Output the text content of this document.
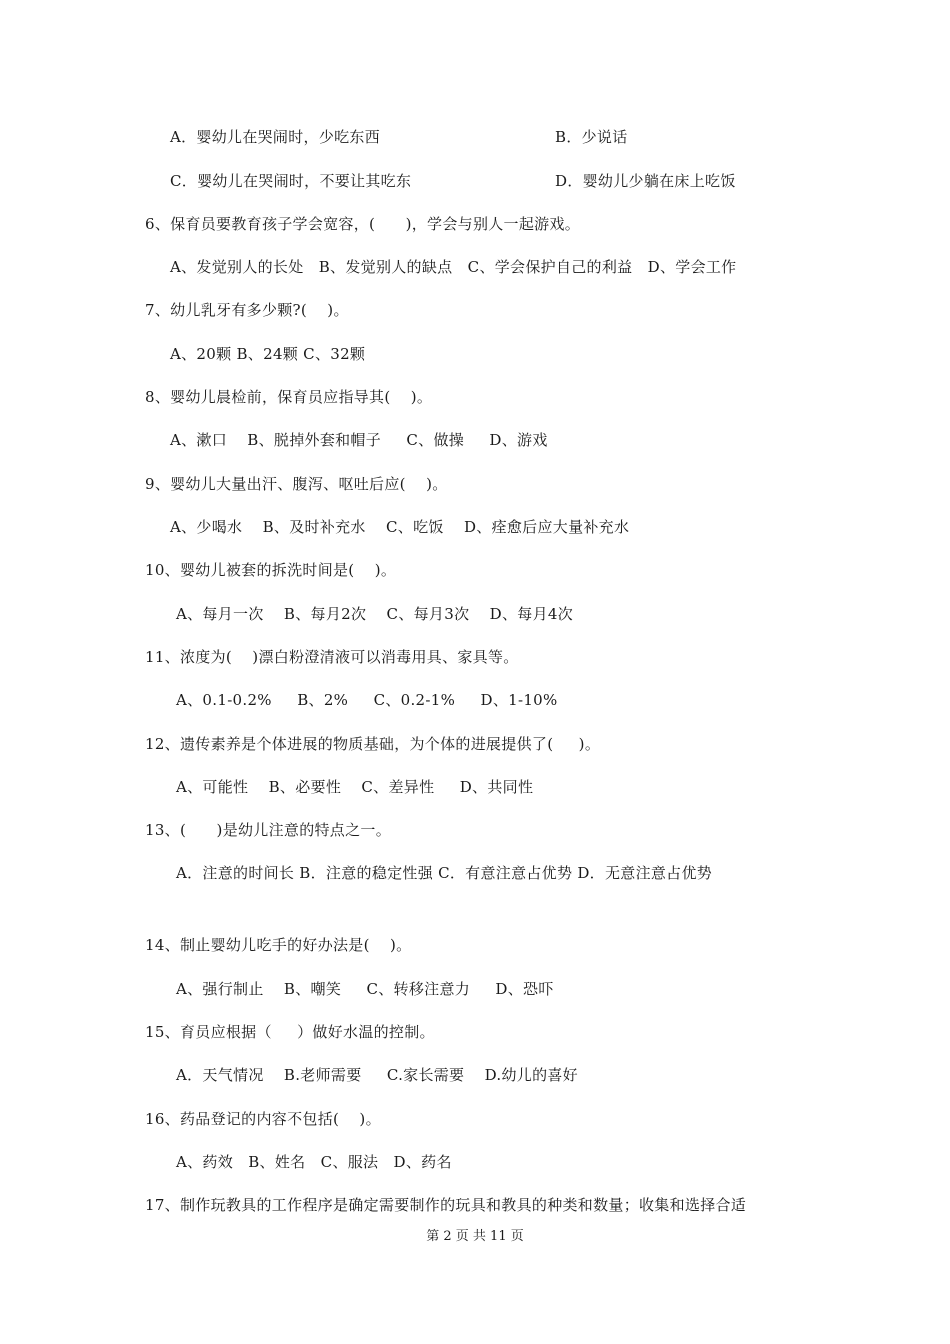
A．婴幼儿在哭闹时，少吃东西	B．少说话
C．婴幼儿在哭闹时，不要让其吃东	D．婴幼儿少躺在床上吃饭
6、保育员要教育孩子学会宽容，(      )，学会与别人一起游戏。
A、发觉别人的长处   B、发觉别人的缺点   C、学会保护自己的利益   D、学会工作
7、幼儿乳牙有多少颗?(    )。
A、20颗 B、24颗 C、32颗
8、婴幼儿晨检前，保育员应指导其(    )。
A、漱口    B、脱掉外套和帽子     C、做操     D、游戏
9、婴幼儿大量出汗、腹泻、呕吐后应(    )。
A、少喝水    B、及时补充水    C、吃饭    D、痊愈后应大量补充水
10、婴幼儿被套的拆洗时间是(    )。
A、每月一次    B、每月2次    C、每月3次    D、每月4次
11、浓度为(    )漂白粉澄清液可以消毒用具、家具等。
A、0.1-0.2%     B、2%     C、0.2-1%     D、1-10%
12、遗传素养是个体进展的物质基础，为个体的进展提供了(     )。
A、可能性    B、必要性    C、差异性     D、共同性
13、(      )是幼儿注意的特点之一。
A．注意的时间长 B．注意的稳定性强 C．有意注意占优势 D．无意注意占优势
14、制止婴幼儿吃手的好办法是(    )。
A、强行制止    B、嘲笑     C、转移注意力     D、恐吓
15、育员应根据（     ）做好水温的控制。
A．天气情况    B.老师需要     C.家长需要    D.幼儿的喜好
16、药品登记的内容不包括(    )。
A、药效   B、姓名   C、服法   D、药名
17、制作玩教具的工作程序是确定需要制作的玩具和教具的种类和数量；收集和选择合适
第 2 页 共 11 页
